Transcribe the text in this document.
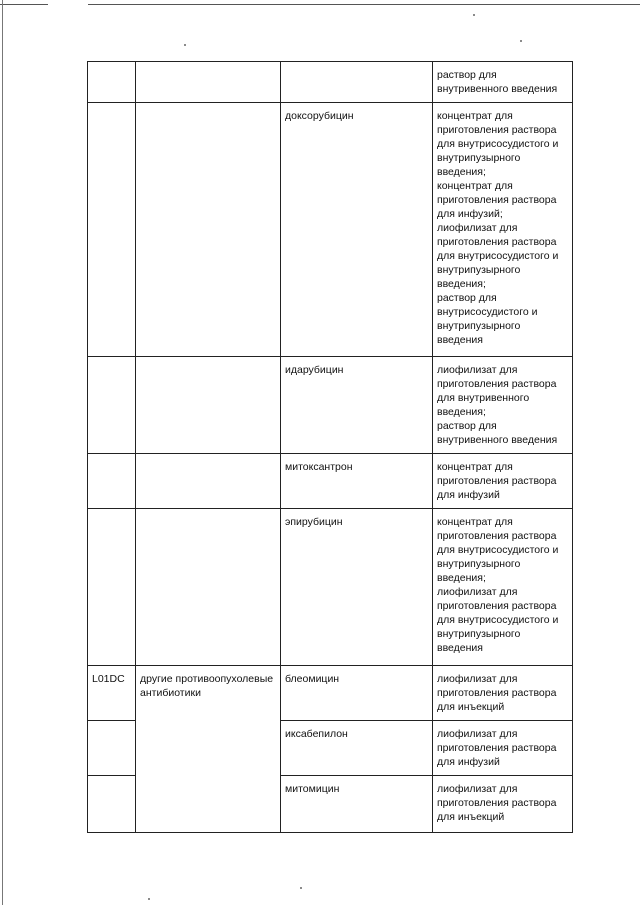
			раствор для внутривенного введения

		доксорубицин	концентрат для приготовления раствора для внутрисосудистого и внутрипузырного введения;
концентрат для приготовления раствора для инфузий;
лиофилизат для приготовления раствора для внутрисосудистого и внутрипузырного введения;
раствор для внутрисосудистого и внутрипузырного введения

		идарубицин	лиофилизат для приготовления раствора для внутривенного введения;
раствор для внутривенного введения

		митоксантрон	концентрат для приготовления раствора для инфузий

		эпирубицин	концентрат для приготовления раствора для внутрисосудистого и внутрипузырного введения;
лиофилизат для приготовления раствора для внутрисосудистого и внутрипузырного введения

L01DC	другие противоопухолевые антибиотики	блеомицин	лиофилизат для приготовления раствора для инъекций

		иксабепилон	лиофилизат для приготовления раствора для инфузий

		митомицин	лиофилизат для приготовления раствора для инъекций
